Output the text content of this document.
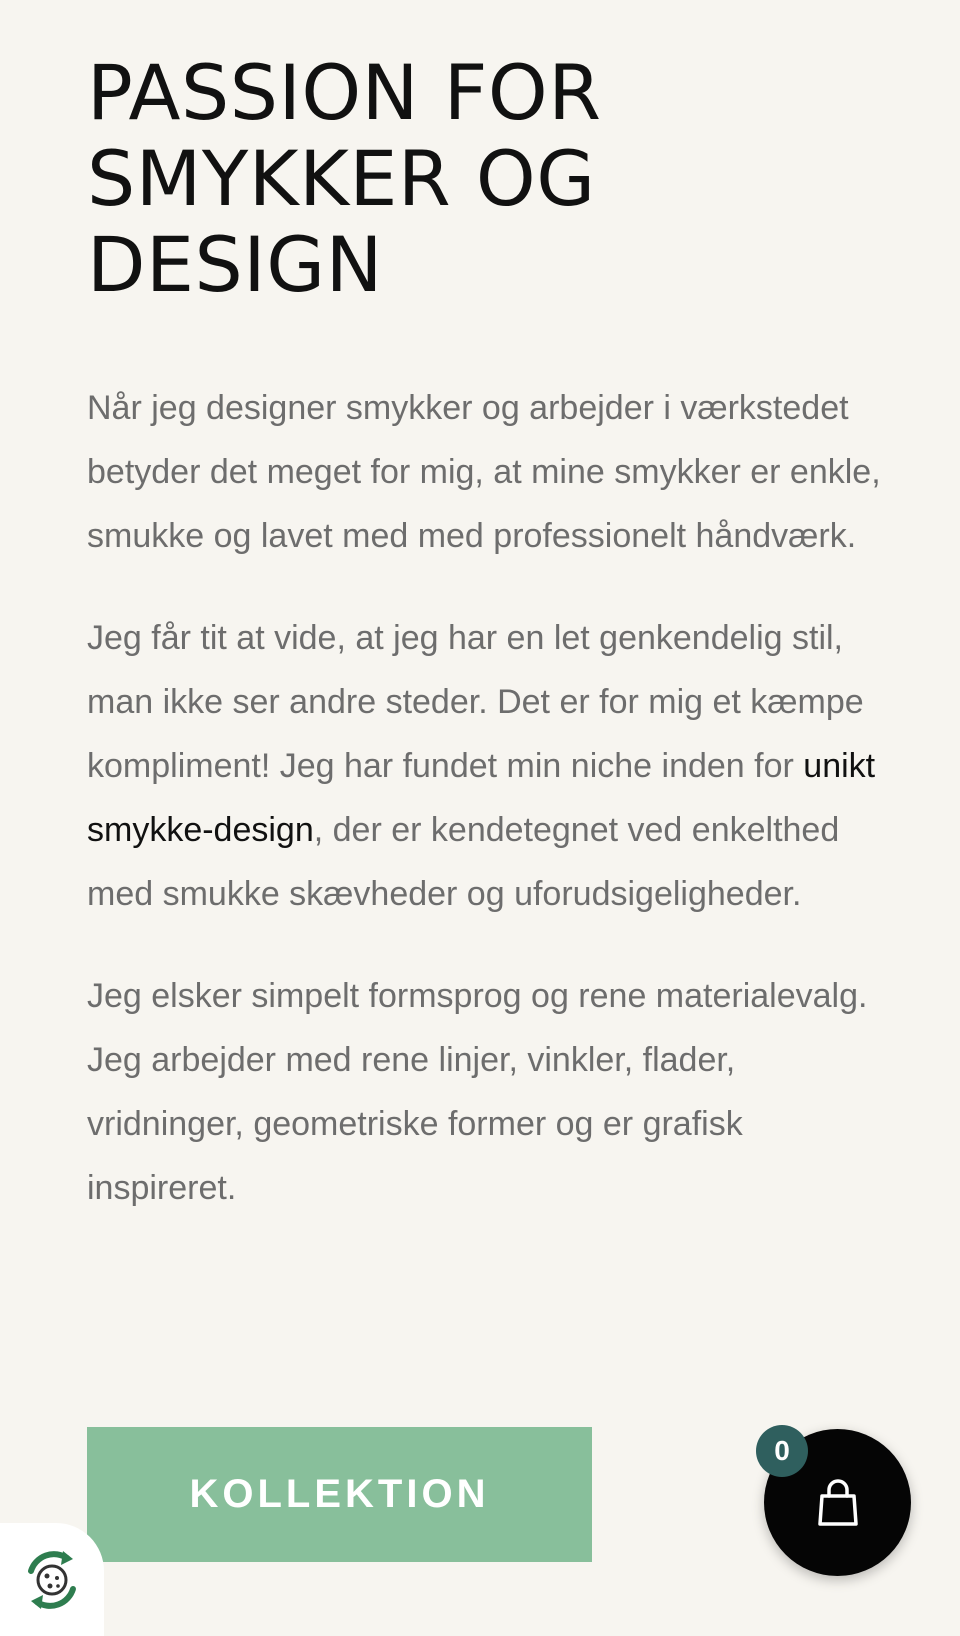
PASSION FOR
SMYKKER OG
DESIGN

Når jeg designer smykker og arbejder i værkstedet betyder det meget for mig, at mine smykker er enkle, smukke og lavet med med professionelt håndværk.

Jeg får tit at vide, at jeg har en let genkendelig stil, man ikke ser andre steder. Det er for mig et kæmpe kompliment! Jeg har fundet min niche inden for unikt smykke-design, der er kendetegnet ved enkelthed med smukke skævheder og uforudsigeligheder.

Jeg elsker simpelt formsprog og rene materialevalg. Jeg arbejder med rene linjer, vinkler, flader, vridninger, geometriske former og er grafisk inspireret.

KOLLEKTION
0
